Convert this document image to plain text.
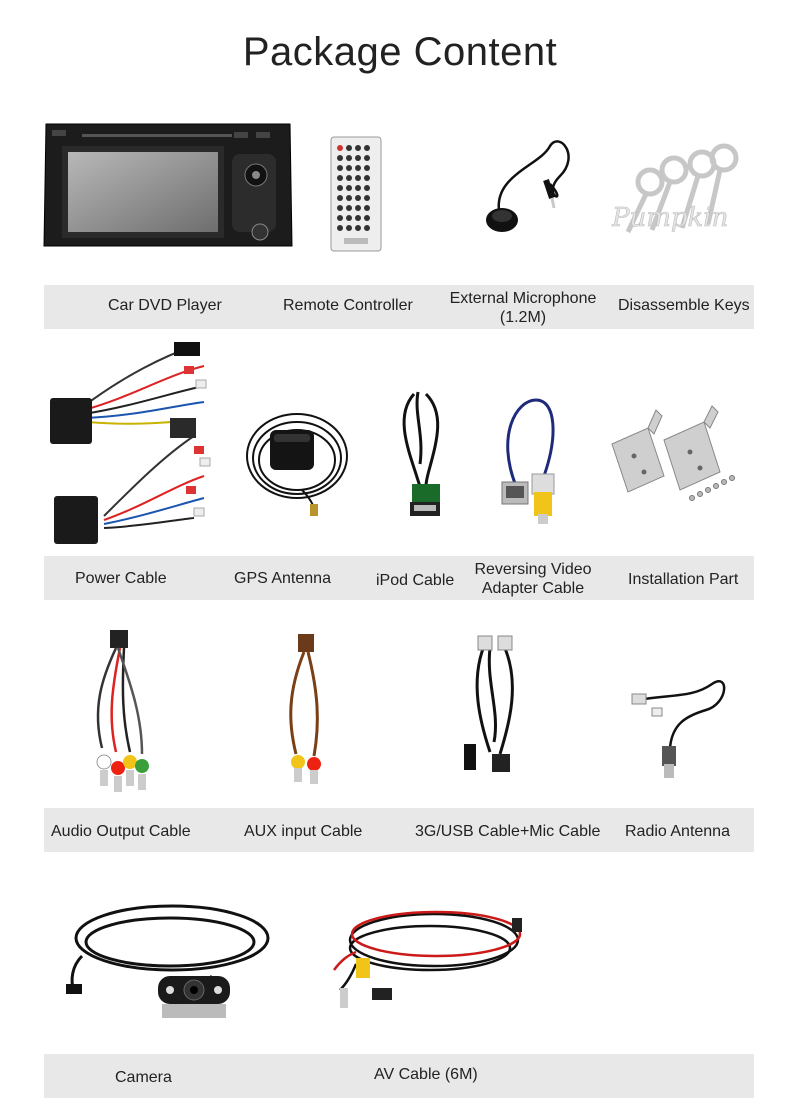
Package Content
Pumpkin
Car DVD Player	Remote Controller External Microphone
(1.2M)
Disassemble Keys
Power Cable	GPS Antenna	iPod Cable
Reversing Video
Adapter Cable
Installation Part
Audio Output Cable	AUX input Cable	3G/USB Cable+Mic Cable Radio Antenna
Camera	AV Cable (6M)
